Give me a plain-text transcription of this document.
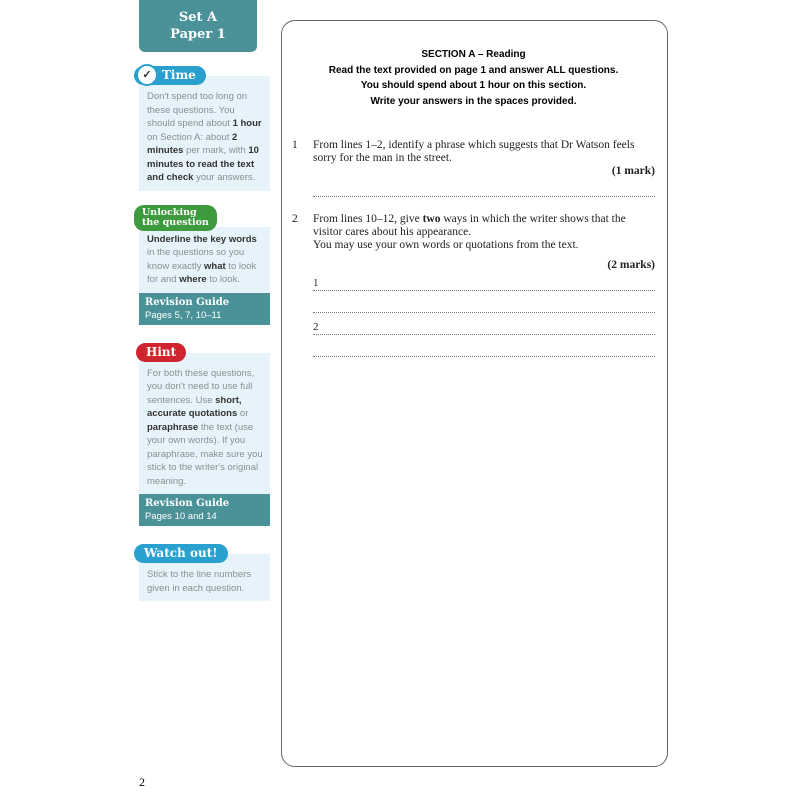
Set A
Paper 1
✓ Time
Don't spend too long on these questions. You should spend about 1 hour on Section A: about 2 minutes per mark, with 10 minutes to read the text and check your answers.
Unlocking
the question
Underline the key words in the questions so you know exactly what to look for and where to look.
Revision Guide
Pages 5, 7, 10–11
Hint
For both these questions, you don't need to use full sentences. Use short, accurate quotations or paraphrase the text (use your own words). If you paraphrase, make sure you stick to the writer's original meaning.
Revision Guide
Pages 10 and 14
Watch out!
Stick to the line numbers given in each question.
SECTION A – Reading
Read the text provided on page 1 and answer ALL questions.
You should spend about 1 hour on this section.
Write your answers in the spaces provided.
1 From lines 1–2, identify a phrase which suggests that Dr Watson feels sorry for the man in the street.
(1 mark)
2 From lines 10–12, give two ways in which the writer shows that the visitor cares about his appearance.
You may use your own words or quotations from the text.
(2 marks)
1
2
2
